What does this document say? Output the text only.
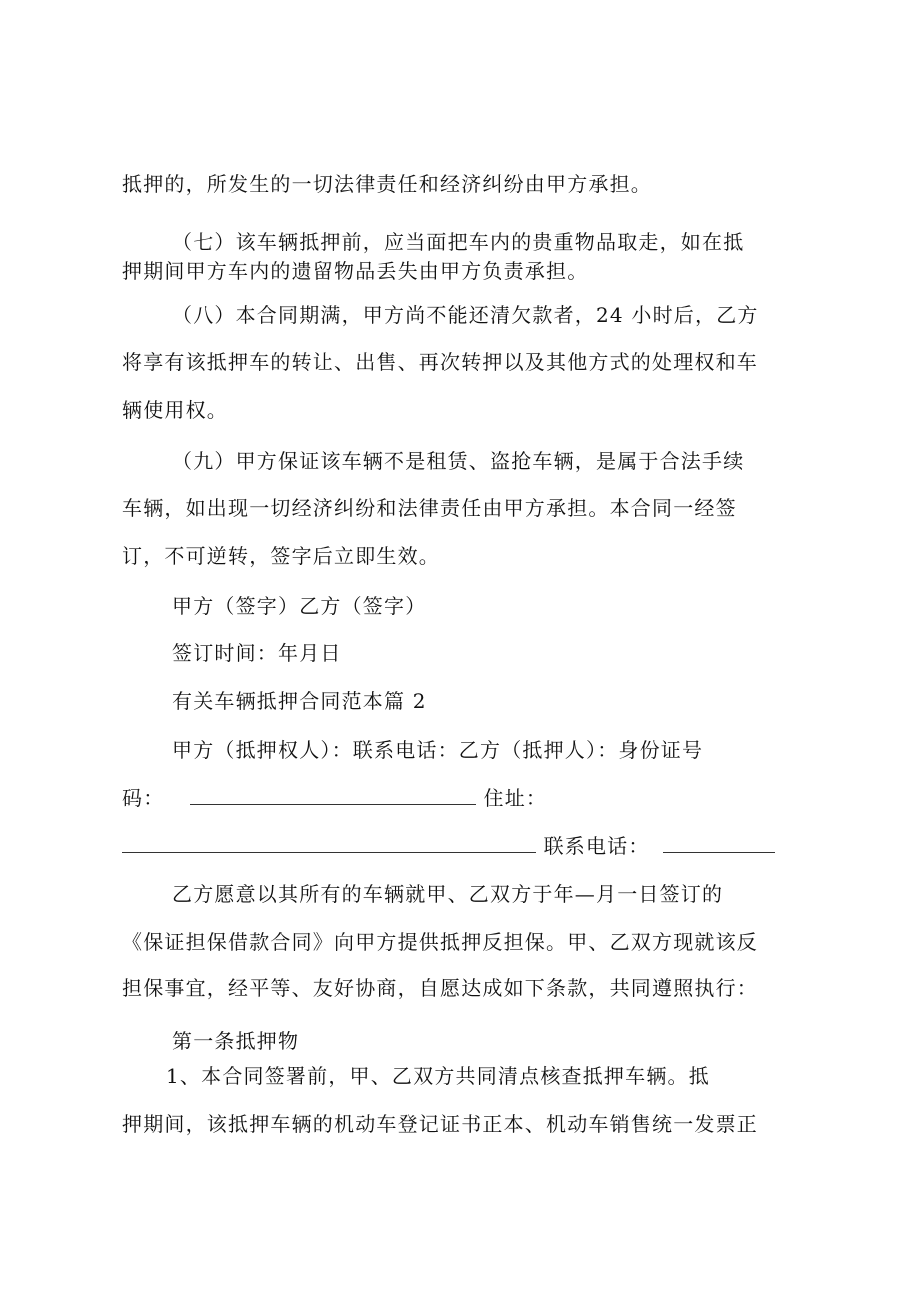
抵押的，所发生的一切法律责任和经济纠纷由甲方承担。
（七）该车辆抵押前，应当面把车内的贵重物品取走，如在抵
押期间甲方车内的遗留物品丢失由甲方负责承担。
（八）本合同期满，甲方尚不能还清欠款者，24 小时后，乙方
将享有该抵押车的转让、出售、再次转押以及其他方式的处理权和车
辆使用权。
（九）甲方保证该车辆不是租赁、盗抢车辆，是属于合法手续
车辆，如出现一切经济纠纷和法律责任由甲方承担。本合同一经签
订，不可逆转，签字后立即生效。
甲方（签字）乙方（签字）
签订时间：年月日
有关车辆抵押合同范本篇 2
甲方（抵押权人）：联系电话：乙方（抵押人）：身份证号
码：	住址：
联系电话：
乙方愿意以其所有的车辆就甲、乙双方于年—月一日签订的
《保证担保借款合同》向甲方提供抵押反担保。甲、乙双方现就该反
担保事宜，经平等、友好协商，自愿达成如下条款，共同遵照执行：
第一条抵押物
1、本合同签署前，甲、乙双方共同清点核查抵押车辆。抵
押期间，该抵押车辆的机动车登记证书正本、机动车销售统一发票正
